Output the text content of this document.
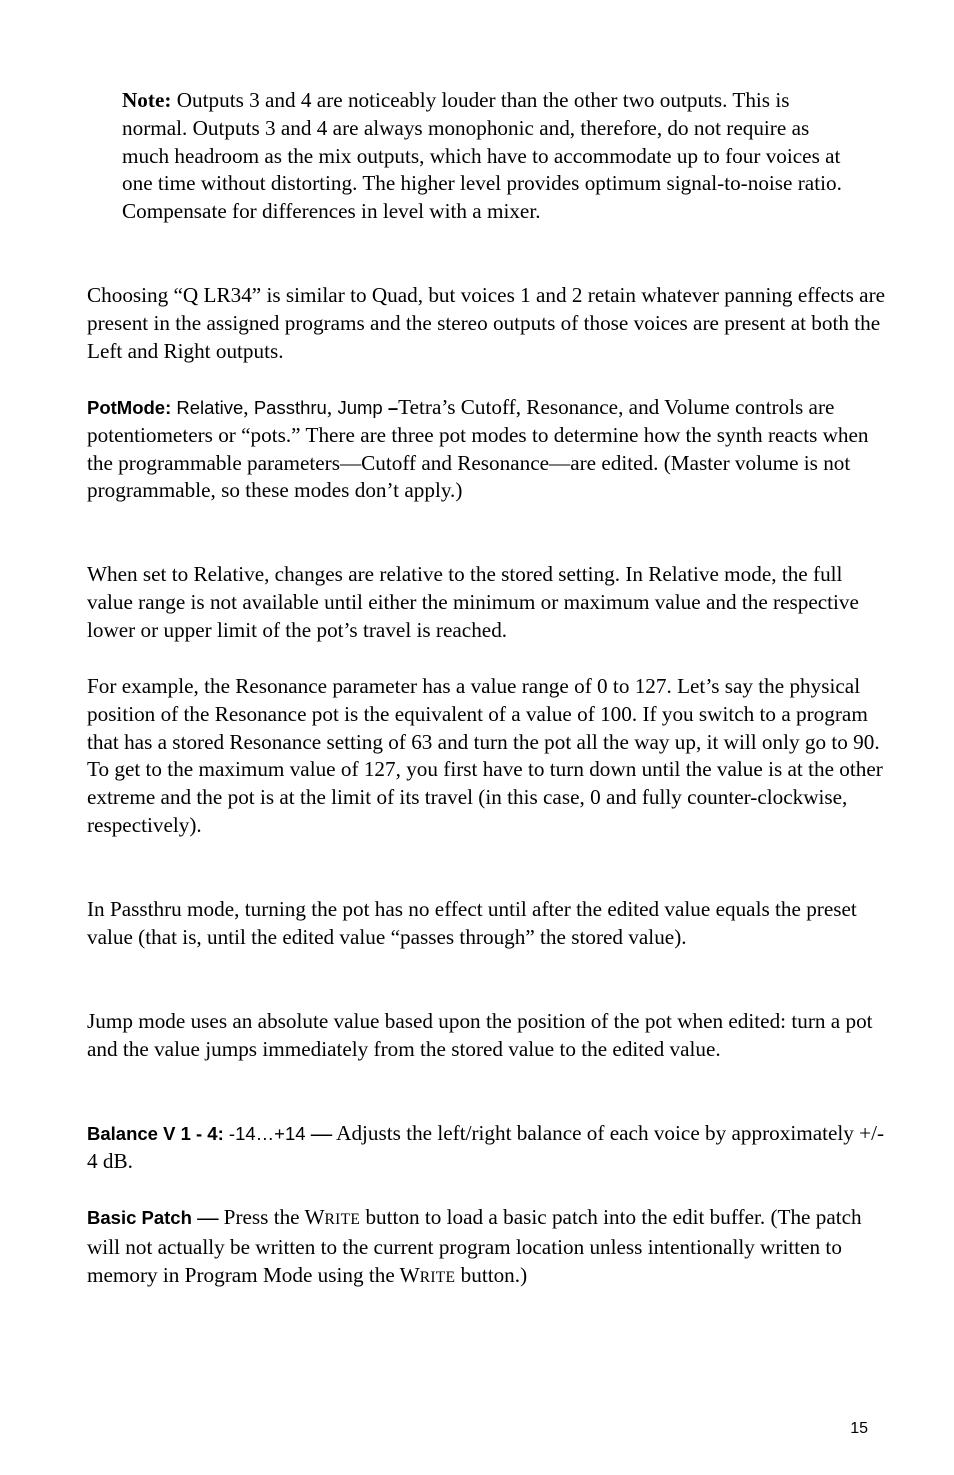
Note: Outputs 3 and 4 are noticeably louder than the other two outputs. This is normal. Outputs 3 and 4 are always monophonic and, therefore, do not require as much headroom as the mix outputs, which have to accommodate up to four voices at one time without distorting. The higher level provides optimum signal-to-noise ratio. Compensate for differences in level with a mixer.

Choosing “Q LR34” is similar to Quad, but voices 1 and 2 retain whatever panning effects are present in the assigned programs and the stereo outputs of those voices are present at both the Left and Right outputs.

PotMode: Relative, Passthru, Jump –Tetra’s Cutoff, Resonance, and Volume controls are potentiometers or “pots.” There are three pot modes to determine how the synth reacts when the programmable parameters—Cutoff and Resonance—are edited. (Master volume is not programmable, so these modes don’t apply.)

When set to Relative, changes are relative to the stored setting. In Relative mode, the full value range is not available until either the minimum or maximum value and the respective lower or upper limit of the pot’s travel is reached.

For example, the Resonance parameter has a value range of 0 to 127. Let’s say the physical position of the Resonance pot is the equivalent of a value of 100. If you switch to a program that has a stored Resonance setting of 63 and turn the pot all the way up, it will only go to 90. To get to the maximum value of 127, you first have to turn down until the value is at the other extreme and the pot is at the limit of its travel (in this case, 0 and fully counter-clockwise, respectively).

In Passthru mode, turning the pot has no effect until after the edited value equals the preset value (that is, until the edited value “passes through” the stored value).

Jump mode uses an absolute value based upon the position of the pot when edited: turn a pot and the value jumps immediately from the stored value to the edited value.

Balance V 1 - 4: -14…+14 — Adjusts the left/right balance of each voice by approximately +/- 4 dB.

Basic Patch — Press the WRITE button to load a basic patch into the edit buffer. (The patch will not actually be written to the current program location unless intentionally written to memory in Program Mode using the WRITE button.)

15
